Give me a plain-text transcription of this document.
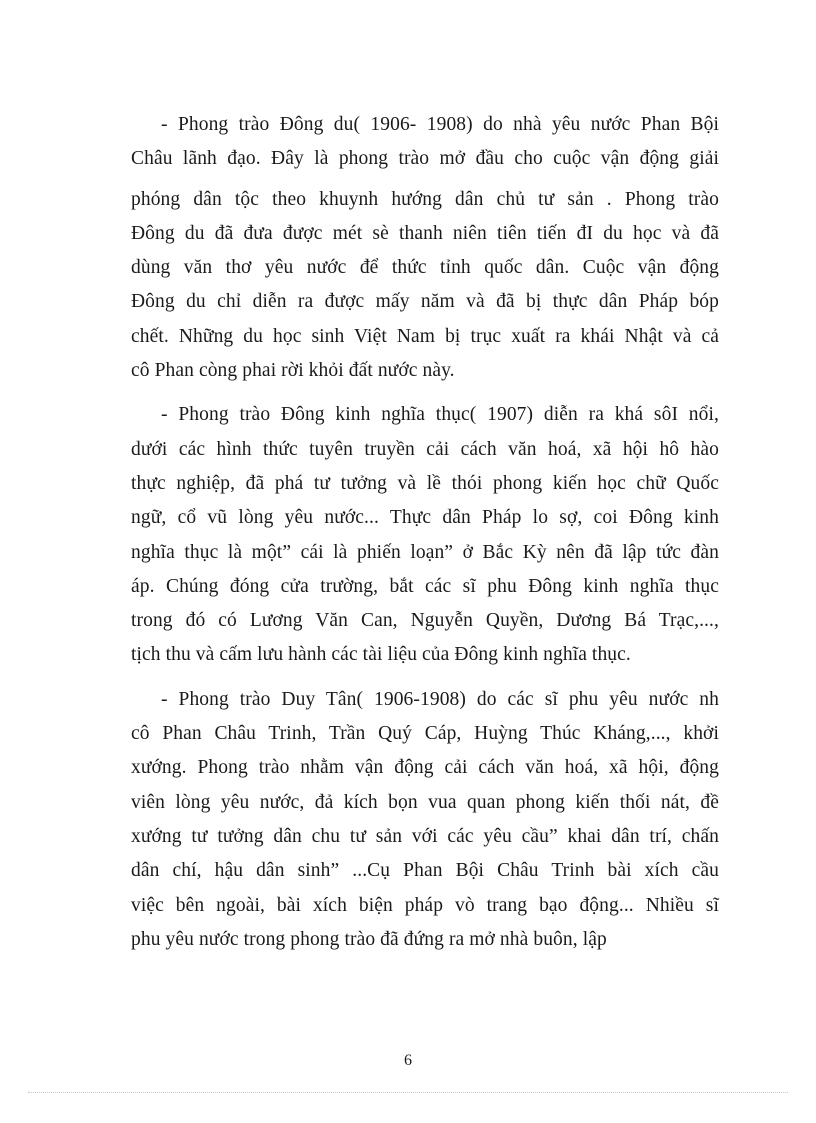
- Phong trào Đông du( 1906- 1908) do nhà yêu nước Phan Bội
Châu lãnh đạo. Đây là phong trào mở đầu cho cuộc vận động giải
phóng dân tộc theo khuynh hướng dân chủ tư sản . Phong trào
Đông du đã đưa được mét sè thanh niên tiên tiến đI du học và đã
dùng văn thơ yêu nước để thức tỉnh quốc dân. Cuộc vận động
Đông du chỉ diễn ra được mấy năm và đã bị thực dân Pháp bóp
chết. Những du học sinh Việt Nam bị trục xuất ra khái Nhật và cả
cô Phan còng phai rời khỏi đất nước này.

- Phong trào Đông kinh nghĩa thục( 1907) diễn ra khá sôI nổi,
dưới các hình thức tuyên truyền cải cách văn hoá, xã hội hô hào
thực nghiệp, đã phá tư tưởng và lề thói phong kiến học chữ Quốc
ngữ, cổ vũ lòng yêu nước... Thực dân Pháp lo sợ, coi Đông kinh
nghĩa thục là một” cái là phiến loạn” ở Bắc Kỳ nên đã lập tức đàn
áp. Chúng đóng cửa trường, bắt các sĩ phu Đông kinh nghĩa thục
trong đó có Lương Văn Can, Nguyễn Quyền, Dương Bá Trạc,...,
tịch thu và cấm lưu hành các tài liệu của Đông kinh nghĩa thục.

- Phong trào Duy Tân( 1906-1908) do các sĩ phu yêu nước nh
cô Phan Châu Trinh, Trần Quý Cáp, Huỳng Thúc Kháng,..., khởi
xướng. Phong trào nhằm vận động cải cách văn hoá, xã hội, động
viên lòng yêu nước, đả kích bọn vua quan phong kiến thối nát, đề
xướng tư tưởng dân chu tư sản với các yêu cầu” khai dân trí, chấn
dân chí, hậu dân sinh” ...Cụ Phan Bội Châu Trinh bài xích cầu
việc bên ngoài, bài xích biện pháp vò trang bạo động... Nhiều sĩ
phu yêu nước trong phong trào đã đứng ra mở nhà buôn, lập

6
